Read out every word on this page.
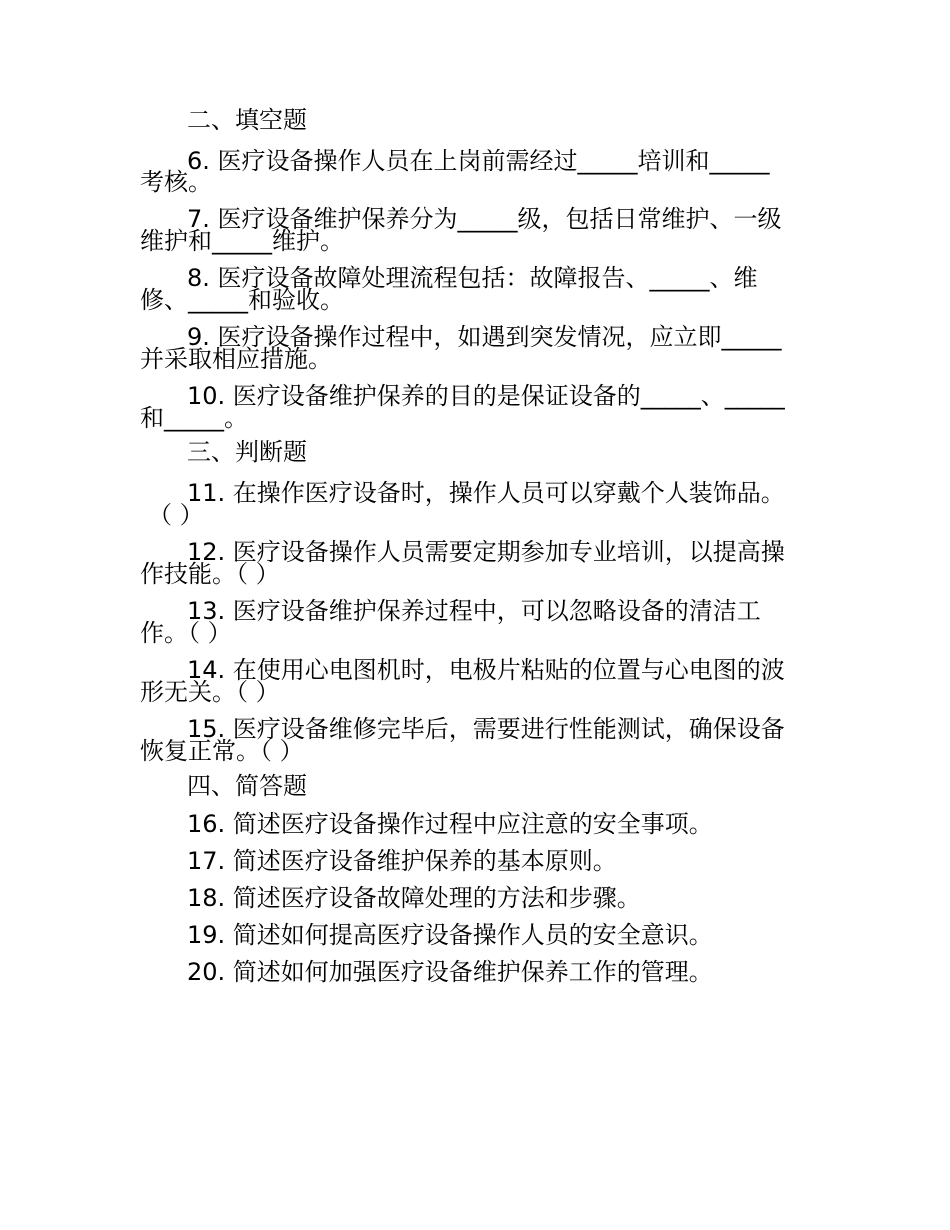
二、填空题
6. 医疗设备操作人员在上岗前需经过_____培训和_____
考核。
7. 医疗设备维护保养分为_____级，包括日常维护、一级
维护和_____维护。
8. 医疗设备故障处理流程包括：故障报告、_____、维
修、_____和验收。
9. 医疗设备操作过程中，如遇到突发情况，应立即_____
并采取相应措施。
10. 医疗设备维护保养的目的是保证设备的_____、_____
和_____。
三、判断题
11. 在操作医疗设备时，操作人员可以穿戴个人装饰品。
（ ）
12. 医疗设备操作人员需要定期参加专业培训，以提高操
作技能。（ ）
13. 医疗设备维护保养过程中，可以忽略设备的清洁工
作。（ ）
14. 在使用心电图机时，电极片粘贴的位置与心电图的波
形无关。（ ）
15. 医疗设备维修完毕后，需要进行性能测试，确保设备
恢复正常。（ ）
四、简答题
16. 简述医疗设备操作过程中应注意的安全事项。
17. 简述医疗设备维护保养的基本原则。
18. 简述医疗设备故障处理的方法和步骤。
19. 简述如何提高医疗设备操作人员的安全意识。
20. 简述如何加强医疗设备维护保养工作的管理。
